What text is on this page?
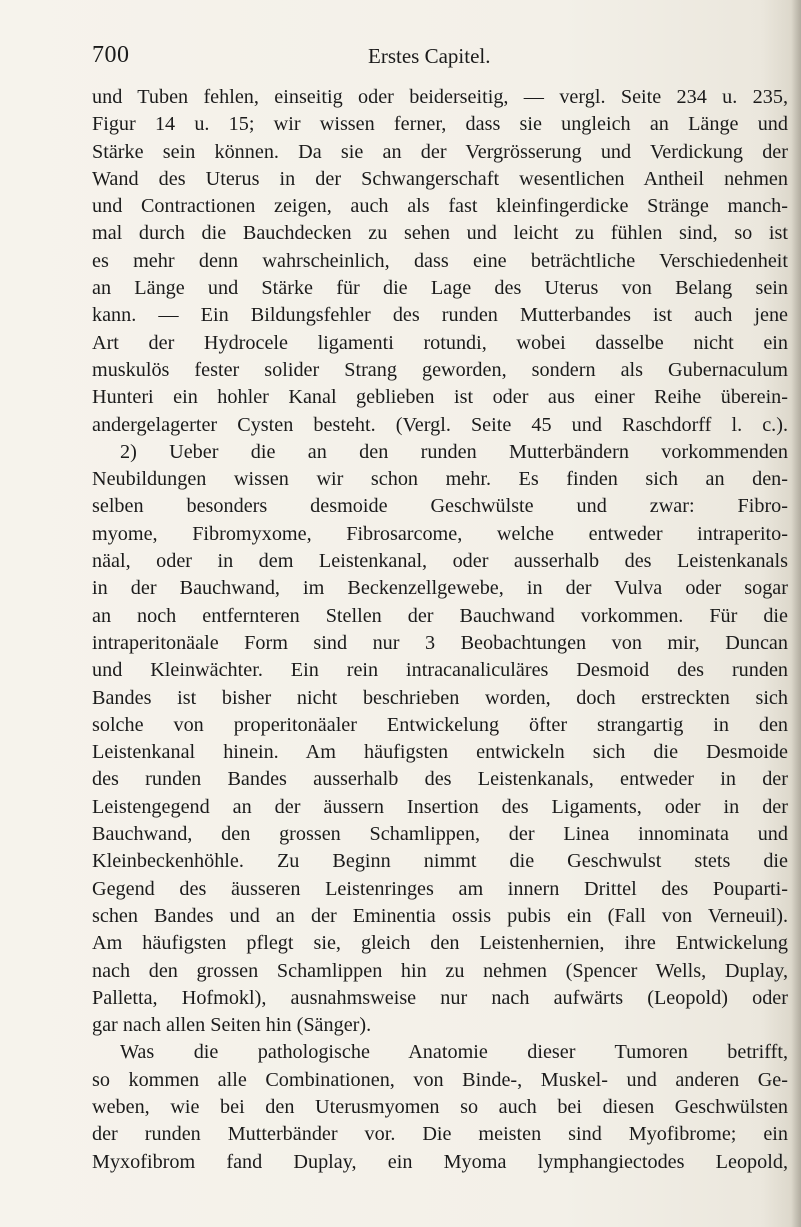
700	Erstes Capitel.
und Tuben fehlen, einseitig oder beiderseitig, — vergl. Seite 234 u. 235,
Figur 14 u. 15; wir wissen ferner, dass sie ungleich an Länge und
Stärke sein können. Da sie an der Vergrösserung und Verdickung der
Wand des Uterus in der Schwangerschaft wesentlichen Antheil nehmen
und Contractionen zeigen, auch als fast kleinfingerdicke Stränge manch-
mal durch die Bauchdecken zu sehen und leicht zu fühlen sind, so ist
es mehr denn wahrscheinlich, dass eine beträchtliche Verschiedenheit
an Länge und Stärke für die Lage des Uterus von Belang sein
kann. — Ein Bildungsfehler des runden Mutterbandes ist auch jene
Art der Hydrocele ligamenti rotundi, wobei dasselbe nicht ein
muskulös fester solider Strang geworden, sondern als Gubernaculum
Hunteri ein hohler Kanal geblieben ist oder aus einer Reihe überein-
andergelagerter Cysten besteht. (Vergl. Seite 45 und Raschdorff l. c.).
2) Ueber die an den runden Mutterbändern vorkommenden
Neubildungen wissen wir schon mehr. Es finden sich an den-
selben besonders desmoide Geschwülste und zwar: Fibro-
myome, Fibromyxome, Fibrosarcome, welche entweder intraperito-
näal, oder in dem Leistenkanal, oder ausserhalb des Leistenkanals
in der Bauchwand, im Beckenzellgewebe, in der Vulva oder sogar
an noch entfernteren Stellen der Bauchwand vorkommen. Für die
intraperitonäale Form sind nur 3 Beobachtungen von mir, Duncan
und Kleinwächter. Ein rein intracanaliculäres Desmoid des runden
Bandes ist bisher nicht beschrieben worden, doch erstreckten sich
solche von properitonäaler Entwickelung öfter strangartig in den
Leistenkanal hinein. Am häufigsten entwickeln sich die Desmoide
des runden Bandes ausserhalb des Leistenkanals, entweder in der
Leistengegend an der äussern Insertion des Ligaments, oder in der
Bauchwand, den grossen Schamlippen, der Linea innominata und
Kleinbeckenhöhle. Zu Beginn nimmt die Geschwulst stets die
Gegend des äusseren Leistenringes am innern Drittel des Pouparti-
schen Bandes und an der Eminentia ossis pubis ein (Fall von Verneuil).
Am häufigsten pflegt sie, gleich den Leistenhernien, ihre Entwickelung
nach den grossen Schamlippen hin zu nehmen (Spencer Wells, Duplay,
Palletta, Hofmokl), ausnahmsweise nur nach aufwärts (Leopold) oder
gar nach allen Seiten hin (Sänger).
Was die pathologische Anatomie dieser Tumoren betrifft,
so kommen alle Combinationen, von Binde-, Muskel- und anderen Ge-
weben, wie bei den Uterusmyomen so auch bei diesen Geschwülsten
der runden Mutterbänder vor. Die meisten sind Myofibrome; ein
Myxofibrom fand Duplay, ein Myoma lymphangiectodes Leopold,
